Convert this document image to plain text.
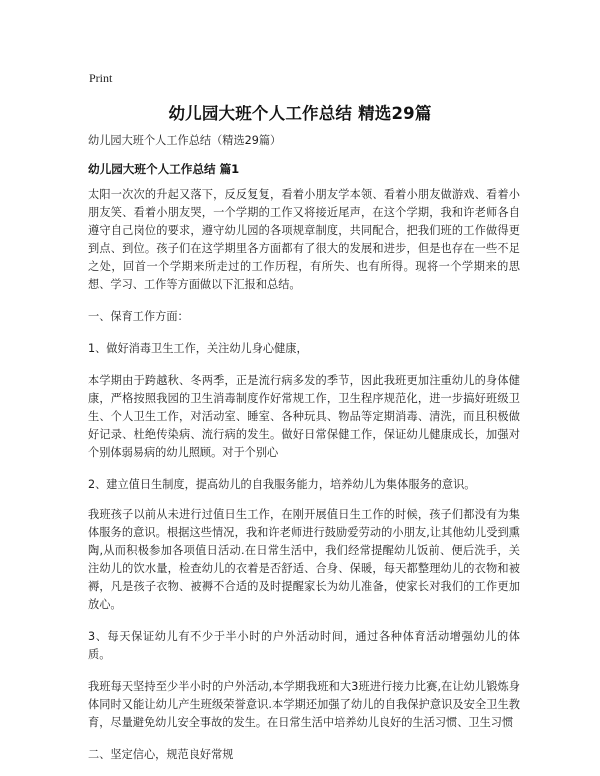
Print
幼儿园大班个人工作总结 精选29篇

幼儿园大班个人工作总结（精选29篇）

幼儿园大班个人工作总结 篇1

太阳一次次的升起又落下，反反复复，看着小朋友学本领、看着小朋友做游戏、看着小朋友笑、看着小朋友哭，一个学期的工作又将接近尾声，在这个学期，我和许老师各自遵守自己岗位的要求，遵守幼儿园的各项规章制度，共同配合，把我们班的工作做得更到点、到位。孩子们在这学期里各方面都有了很大的发展和进步，但是也存在一些不足之处，回首一个学期来所走过的工作历程，有所失、也有所得。现将一个学期来的思想、学习、工作等方面做以下汇报和总结。

一、保育工作方面：

1、做好消毒卫生工作，关注幼儿身心健康，

本学期由于跨越秋、冬两季，正是流行病多发的季节，因此我班更加注重幼儿的身体健康，严格按照我园的卫生消毒制度作好常规工作，卫生程序规范化，进一步搞好班级卫生、个人卫生工作，对活动室、睡室、各种玩具、物品等定期消毒、清洗，而且积极做好记录、杜绝传染病、流行病的发生。做好日常保健工作，保证幼儿健康成长，加强对个别体弱易病的幼儿照顾。对于个别心

2、建立值日生制度，提高幼儿的自我服务能力，培养幼儿为集体服务的意识。

我班孩子以前从未进行过值日生工作，在刚开展值日生工作的时候，孩子们都没有为集体服务的意识。根据这些情况，我和许老师进行鼓励爱劳动的小朋友,让其他幼儿受到熏陶,从而积极参加各项值日活动.在日常生活中，我们经常提醒幼儿饭前、便后洗手，关注幼儿的饮水量，检查幼儿的衣着是否舒适、合身、保暖，每天都整理幼儿的衣物和被褥，凡是孩子衣物、被褥不合适的及时提醒家长为幼儿准备，使家长对我们的工作更加放心。

3、每天保证幼儿有不少于半小时的户外活动时间，通过各种体育活动增强幼儿的体质。

我班每天坚持至少半小时的户外活动,本学期我班和大3班进行接力比赛,在让幼儿锻炼身体同时又能让幼儿产生班级荣誉意识.本学期还加强了幼儿的自我保护意识及安全卫生教育，尽量避免幼儿安全事故的发生。在日常生活中培养幼儿良好的生活习惯、卫生习惯

二、坚定信心，规范良好常规
